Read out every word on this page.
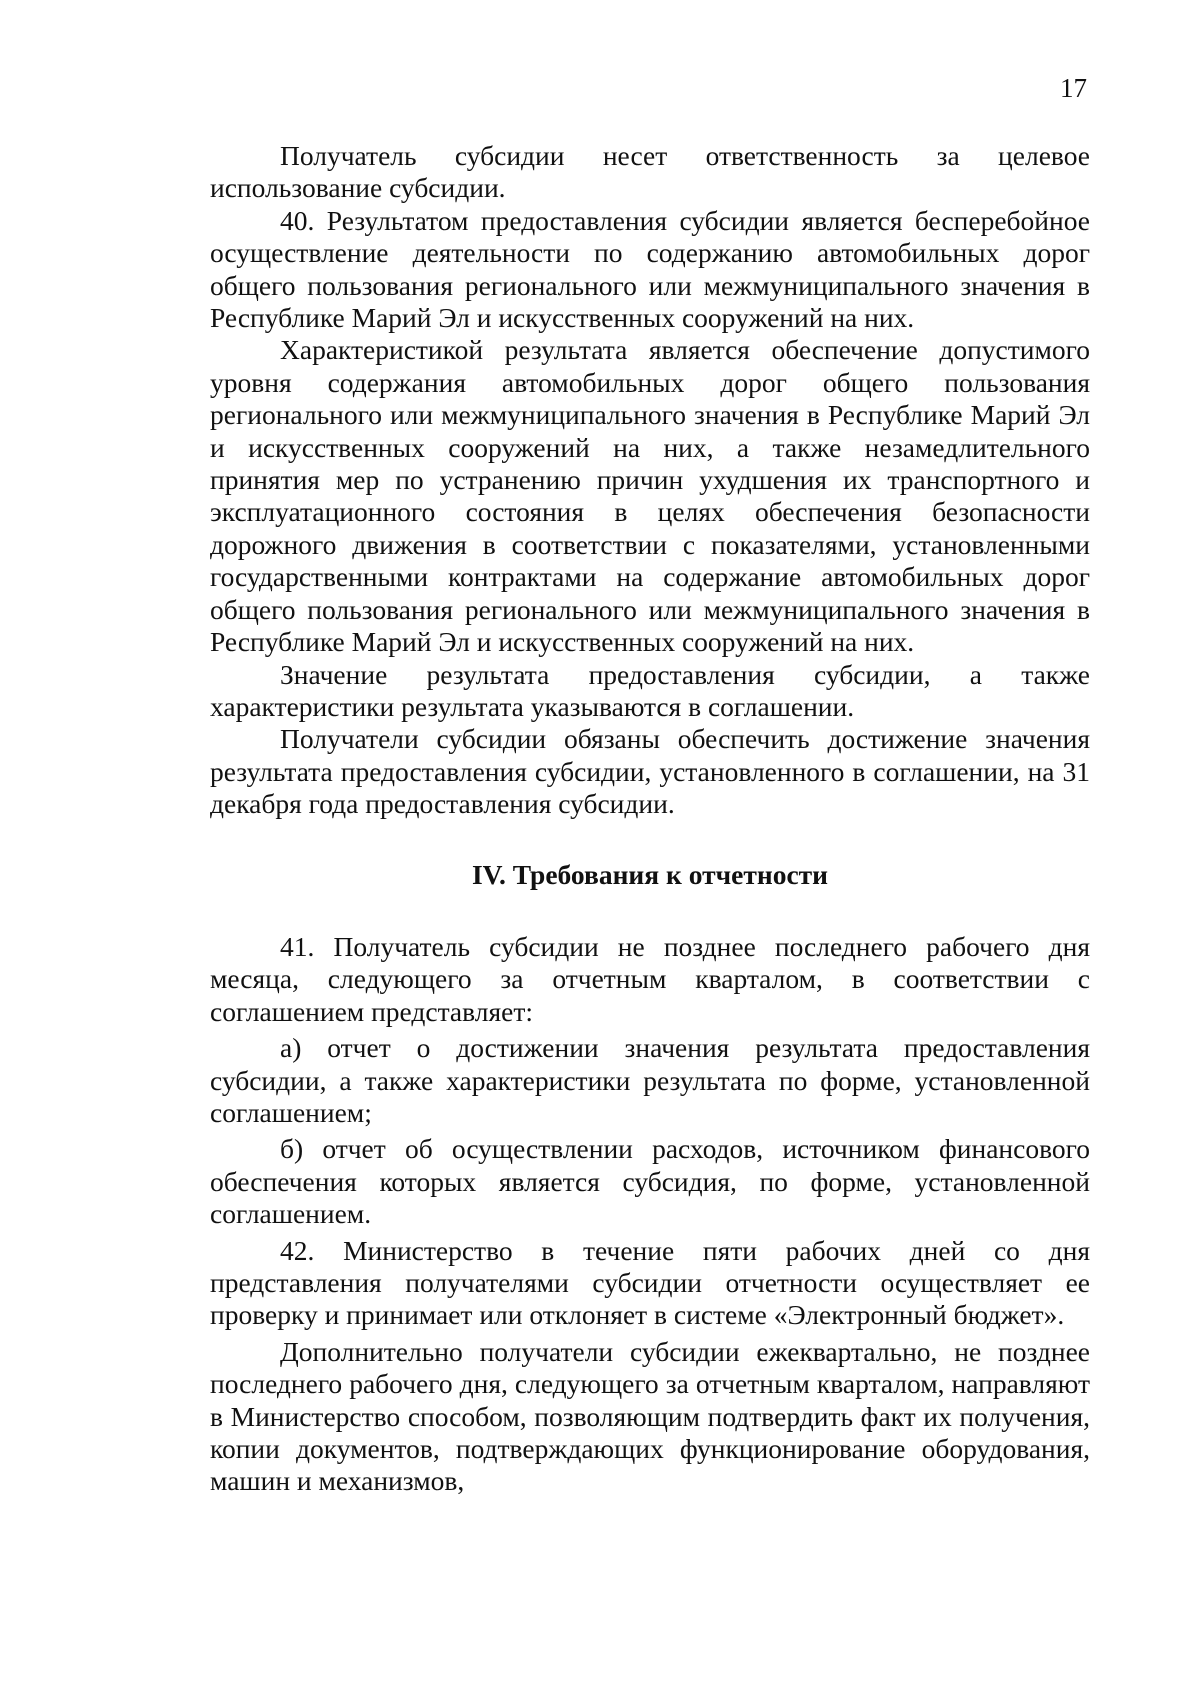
17

Получатель субсидии несет ответственность за целевое использование субсидии.

40. Результатом предоставления субсидии является бесперебойное осуществление деятельности по содержанию автомобильных дорог общего пользования регионального или межмуниципального значения в Республике Марий Эл и искусственных сооружений на них.

Характеристикой результата является обеспечение допустимого уровня содержания автомобильных дорог общего пользования регионального или межмуниципального значения в Республике Марий Эл и искусственных сооружений на них, а также незамедлительного принятия мер по устранению причин ухудшения их транспортного и эксплуатационного состояния в целях обеспечения безопасности дорожного движения в соответствии с показателями, установленными государственными контрактами на содержание автомобильных дорог общего пользования регионального или межмуниципального значения в Республике Марий Эл и искусственных сооружений на них.

Значение результата предоставления субсидии, а также характеристики результата указываются в соглашении.

Получатели субсидии обязаны обеспечить достижение значения результата предоставления субсидии, установленного в соглашении, на 31 декабря года предоставления субсидии.

IV. Требования к отчетности

41. Получатель субсидии не позднее последнего рабочего дня месяца, следующего за отчетным кварталом, в соответствии с соглашением представляет:

а) отчет о достижении значения результата предоставления субсидии, а также характеристики результата по форме, установленной соглашением;

б) отчет об осуществлении расходов, источником финансового обеспечения которых является субсидия, по форме, установленной соглашением.

42. Министерство в течение пяти рабочих дней со дня представления получателями субсидии отчетности осуществляет ее проверку и принимает или отклоняет в системе «Электронный бюджет».

Дополнительно получатели субсидии ежеквартально, не позднее последнего рабочего дня, следующего за отчетным кварталом, направляют в Министерство способом, позволяющим подтвердить факт их получения, копии документов, подтверждающих функционирование оборудования, машин и механизмов,
